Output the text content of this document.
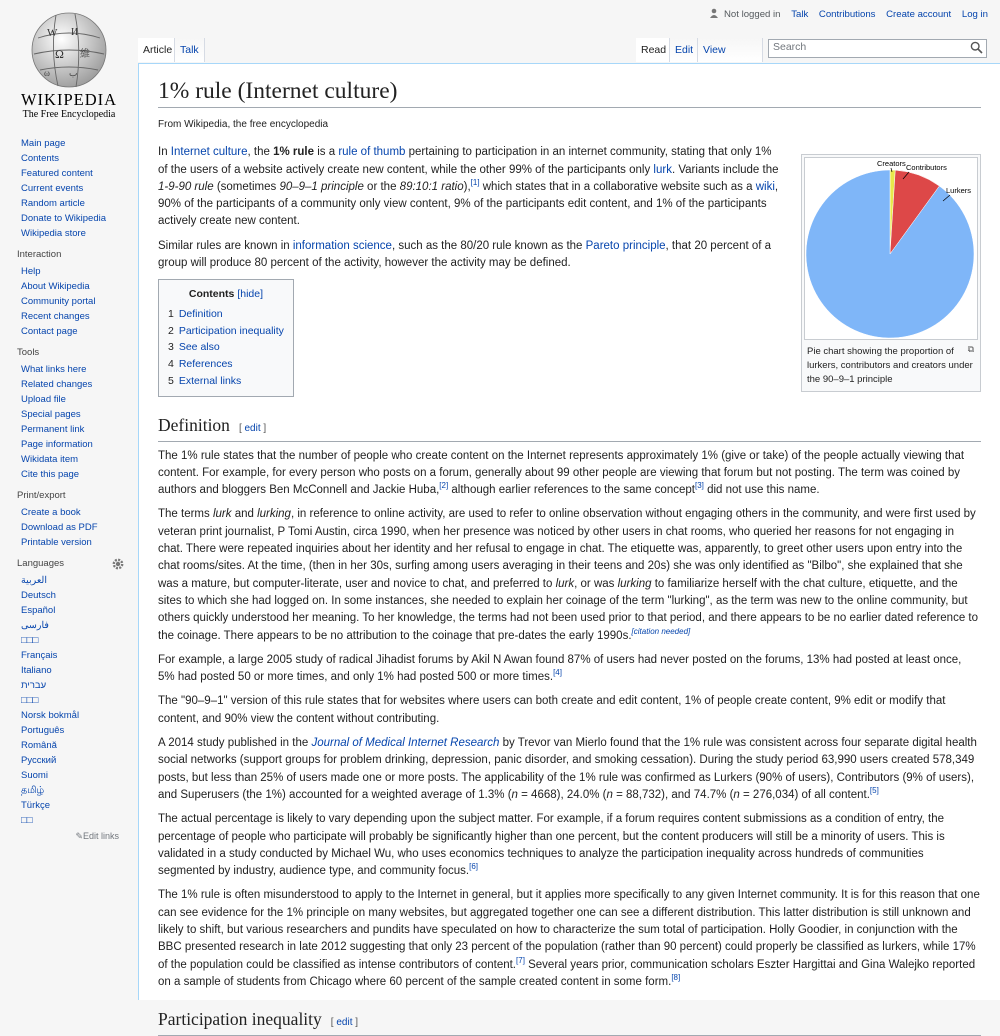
W И
Ω 維
ω ب
WIKIPEDIA
The Free Encyclopedia
Not logged in Talk Contributions Create account Log in
Article Talk	Read Edit View	Search
Main page
Contents
Featured content
Current events
Random article
Donate to Wikipedia
Wikipedia store
Interaction
Help
About Wikipedia
Community portal
Recent changes
Contact page
Tools
What links here
Related changes
Upload file
Special pages
Permanent link
Page information
Wikidata item
Cite this page
Print/export
Create a book
Download as PDF
Printable version
Languages
العربية
Deutsch
Español
فارسی
□□□
Français
Italiano
עברית
□□□
Norsk bokmål
Português
Română
Русский
Suomi
தமிழ்
Türkçe
□□
✎Edit links
1% rule (Internet culture)
From Wikipedia, the free encyclopedia
Creators Contributors
Lurkers
⧉
Pie chart showing the proportion of lurkers, contributors and creators under the 90–9–1 principle

In Internet culture, the 1% rule is a rule of thumb pertaining to participation in an internet community, stating that only 1% of the users of a website actively create new content, while the other 99% of the participants only lurk. Variants include the 1-9-90 rule (sometimes 90–9–1 principle or the 89:10:1 ratio),[1] which states that in a collaborative website such as a wiki, 90% of the participants of a community only view content, 9% of the participants edit content, and 1% of the participants actively create new content.

Similar rules are known in information science, such as the 80/20 rule known as the Pareto principle, that 20 percent of a group will produce 80 percent of the activity, however the activity may be defined.

Contents [hide]
1 Definition
2 Participation inequality
3 See also
4 References
5 External links
Definition [ edit ]

The 1% rule states that the number of people who create content on the Internet represents approximately 1% (give or take) of the people actually viewing that content. For example, for every person who posts on a forum, generally about 99 other people are viewing that forum but not posting. The term was coined by authors and bloggers Ben McConnell and Jackie Huba,[2] although earlier references to the same concept[3] did not use this name.

The terms lurk and lurking, in reference to online activity, are used to refer to online observation without engaging others in the community, and were first used by veteran print journalist, P Tomi Austin, circa 1990, when her presence was noticed by other users in chat rooms, who queried her reasons for not engaging in chat. There were repeated inquiries about her identity and her refusal to engage in chat. The etiquette was, apparently, to greet other users upon entry into the chat rooms/sites. At the time, (then in her 30s, surfing among users averaging in their teens and 20s) she was only identified as "Bilbo", she explained that she was a mature, but computer-literate, user and novice to chat, and preferred to lurk, or was lurking to familiarize herself with the chat culture, etiquette, and the sites to which she had logged on. In some instances, she needed to explain her coinage of the term "lurking", as the term was new to the online community, but others quickly understood her meaning. To her knowledge, the terms had not been used prior to that period, and there appears to be no earlier dated reference to the coinage. There appears to be no attribution to the coinage that pre-dates the early 1990s.[citation needed]

For example, a large 2005 study of radical Jihadist forums by Akil N Awan found 87% of users had never posted on the forums, 13% had posted at least once, 5% had posted 50 or more times, and only 1% had posted 500 or more times.[4]

The "90–9–1" version of this rule states that for websites where users can both create and edit content, 1% of people create content, 9% edit or modify that content, and 90% view the content without contributing.

A 2014 study published in the Journal of Medical Internet Research by Trevor van Mierlo found that the 1% rule was consistent across four separate digital health social networks (support groups for problem drinking, depression, panic disorder, and smoking cessation). During the study period 63,990 users created 578,349 posts, but less than 25% of users made one or more posts. The applicability of the 1% rule was confirmed as Lurkers (90% of users), Contributors (9% of users), and Superusers (the 1%) accounted for a weighted average of 1.3% (n = 4668), 24.0% (n = 88,732), and 74.7% (n = 276,034) of all content.[5]

The actual percentage is likely to vary depending upon the subject matter. For example, if a forum requires content submissions as a condition of entry, the percentage of people who participate will probably be significantly higher than one percent, but the content producers will still be a minority of users. This is validated in a study conducted by Michael Wu, who uses economics techniques to analyze the participation inequality across hundreds of communities segmented by industry, audience type, and community focus.[6]

The 1% rule is often misunderstood to apply to the Internet in general, but it applies more specifically to any given Internet community. It is for this reason that one can see evidence for the 1% principle on many websites, but aggregated together one can see a different distribution. This latter distribution is still unknown and likely to shift, but various researchers and pundits have speculated on how to characterize the sum total of participation. Holly Goodier, in conjunction with the BBC presented research in late 2012 suggesting that only 23 percent of the population (rather than 90 percent) could properly be classified as lurkers, while 17% of the population could be classified as intense contributors of content.[7] Several years prior, communication scholars Eszter Hargittai and Gina Walejko reported on a sample of students from Chicago where 60 percent of the sample created content in some form.[8]

Participation inequality [ edit ]
